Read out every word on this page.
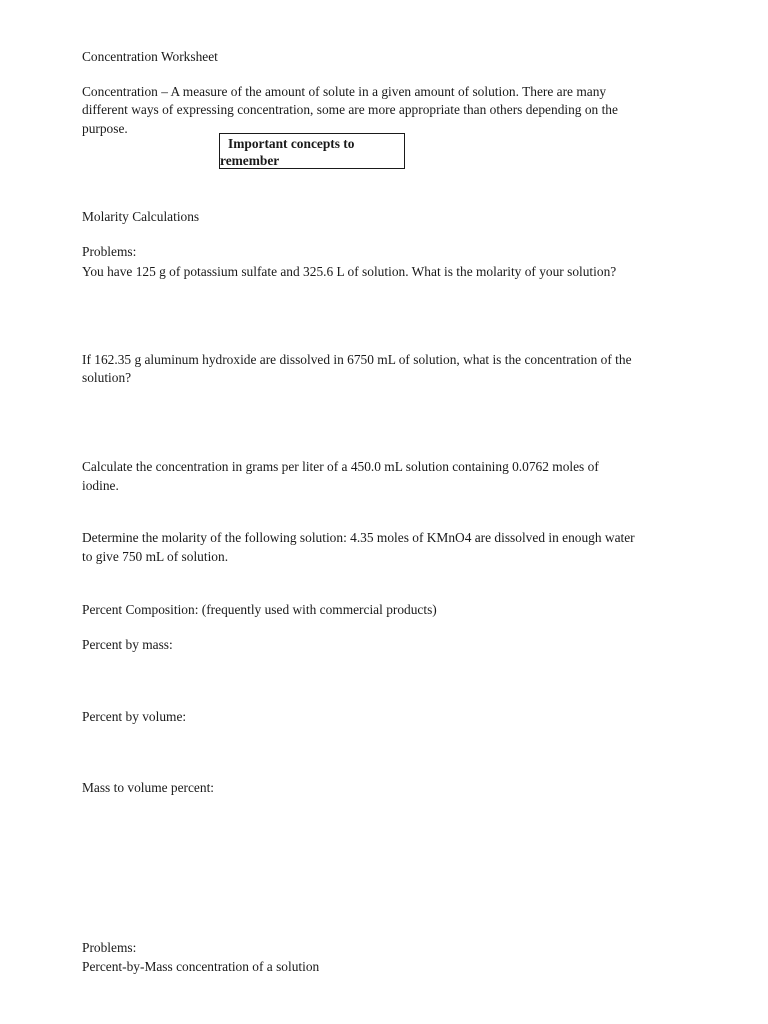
Concentration Worksheet
Concentration – A measure of the amount of solute in a given amount of solution. There are many
different ways of expressing concentration, some are more appropriate than others depending on the
purpose.
Important concepts to
remember
Molarity Calculations
Problems:
You have 125 g of potassium sulfate and 325.6 L of solution. What is the molarity of your solution?
If 162.35 g aluminum hydroxide are dissolved in 6750 mL of solution, what is the concentration of the
solution?
Calculate the concentration in grams per liter of a 450.0 mL solution containing 0.0762 moles of
iodine.
Determine the molarity of the following solution: 4.35 moles of KMnO4 are dissolved in enough water
to give 750 mL of solution.
Percent Composition: (frequently used with commercial products)
Percent by mass:
Percent by volume:
Mass to volume percent:
Problems:
Percent-by-Mass concentration of a solution
